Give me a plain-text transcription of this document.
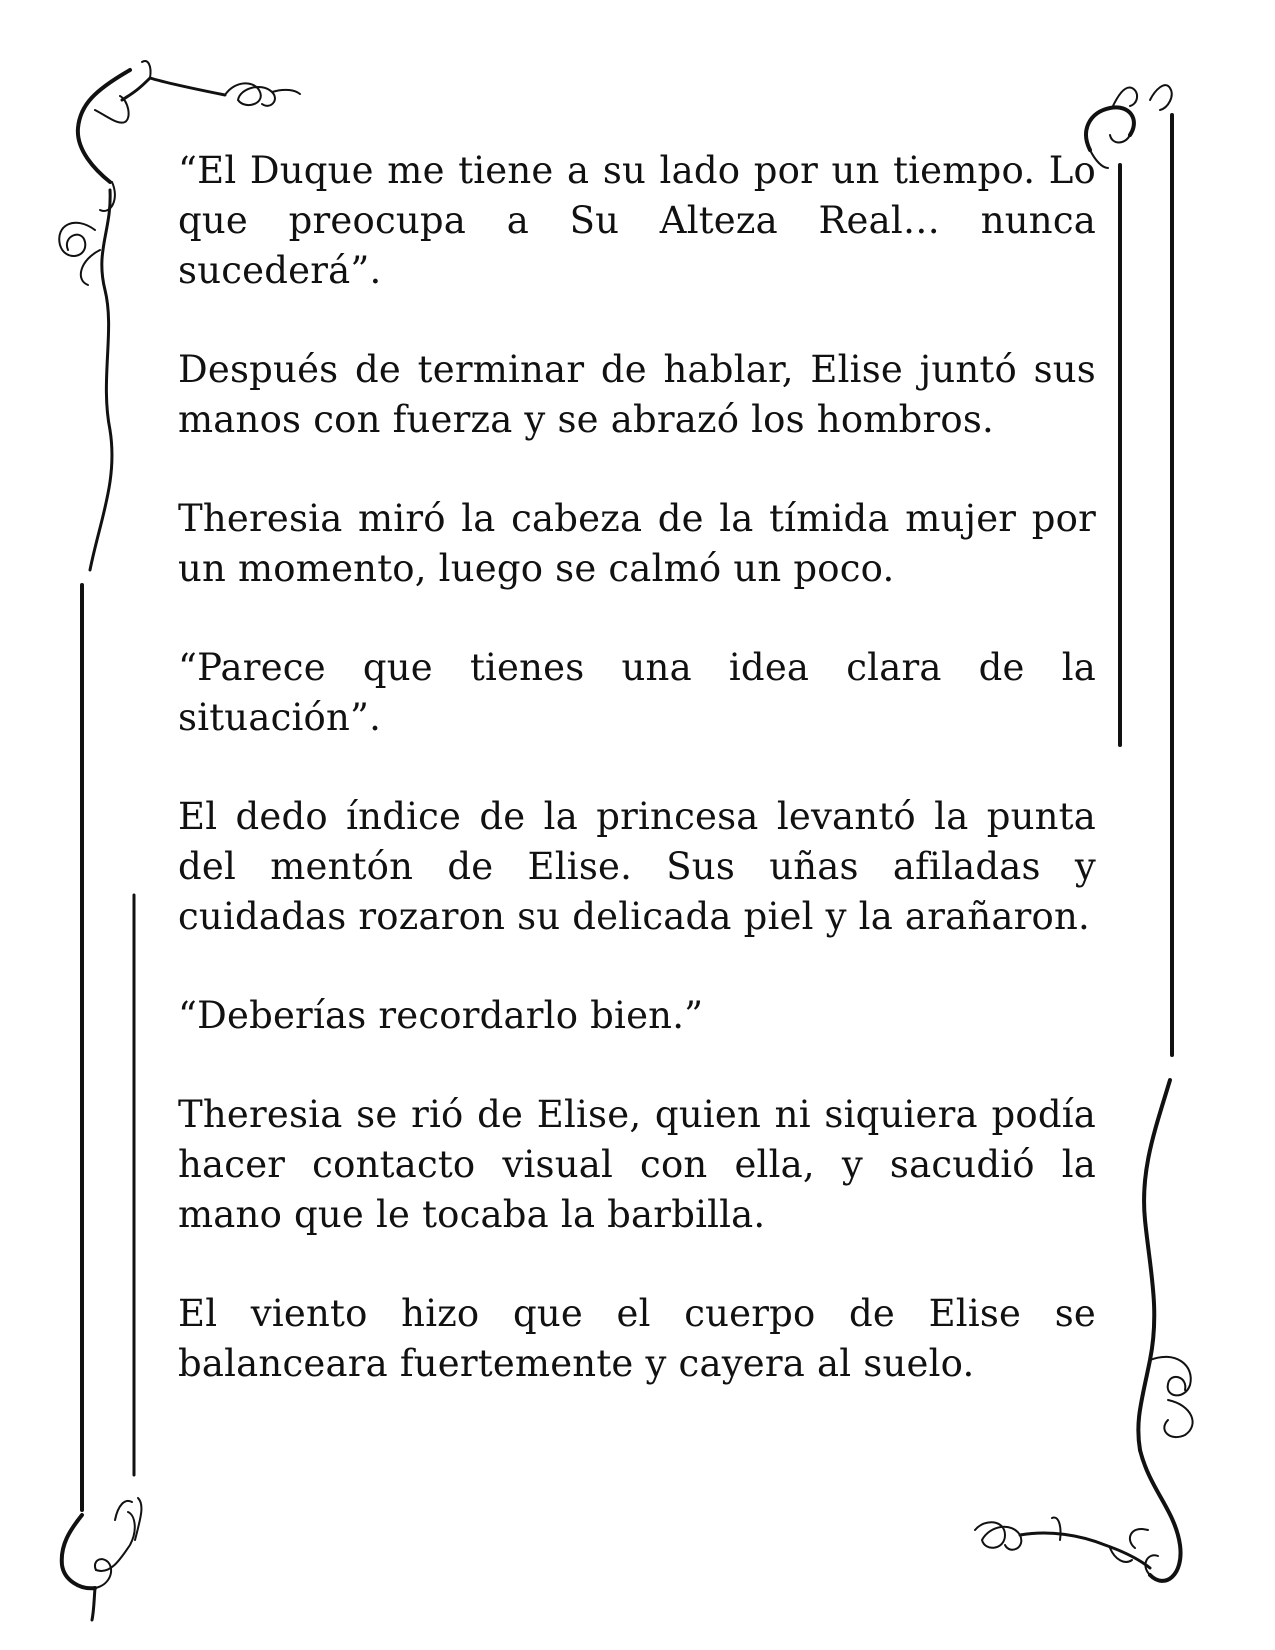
“El Duque me tiene a su lado por un tiempo. Lo que preocupa a Su Alteza Real… nunca sucederá”.

Después de terminar de hablar, Elise juntó sus manos con fuerza y se abrazó los hombros.

Theresia miró la cabeza de la tímida mujer por un momento, luego se calmó un poco.

“Parece que tienes una idea clara de la situación”.

El dedo índice de la princesa levantó la punta del mentón de Elise. Sus uñas afiladas y cuidadas rozaron su delicada piel y la arañaron.

“Deberías recordarlo bien.”

Theresia se rió de Elise, quien ni siquiera podía hacer contacto visual con ella, y sacudió la mano que le tocaba la barbilla.

El viento hizo que el cuerpo de Elise se balanceara fuertemente y cayera al suelo.
